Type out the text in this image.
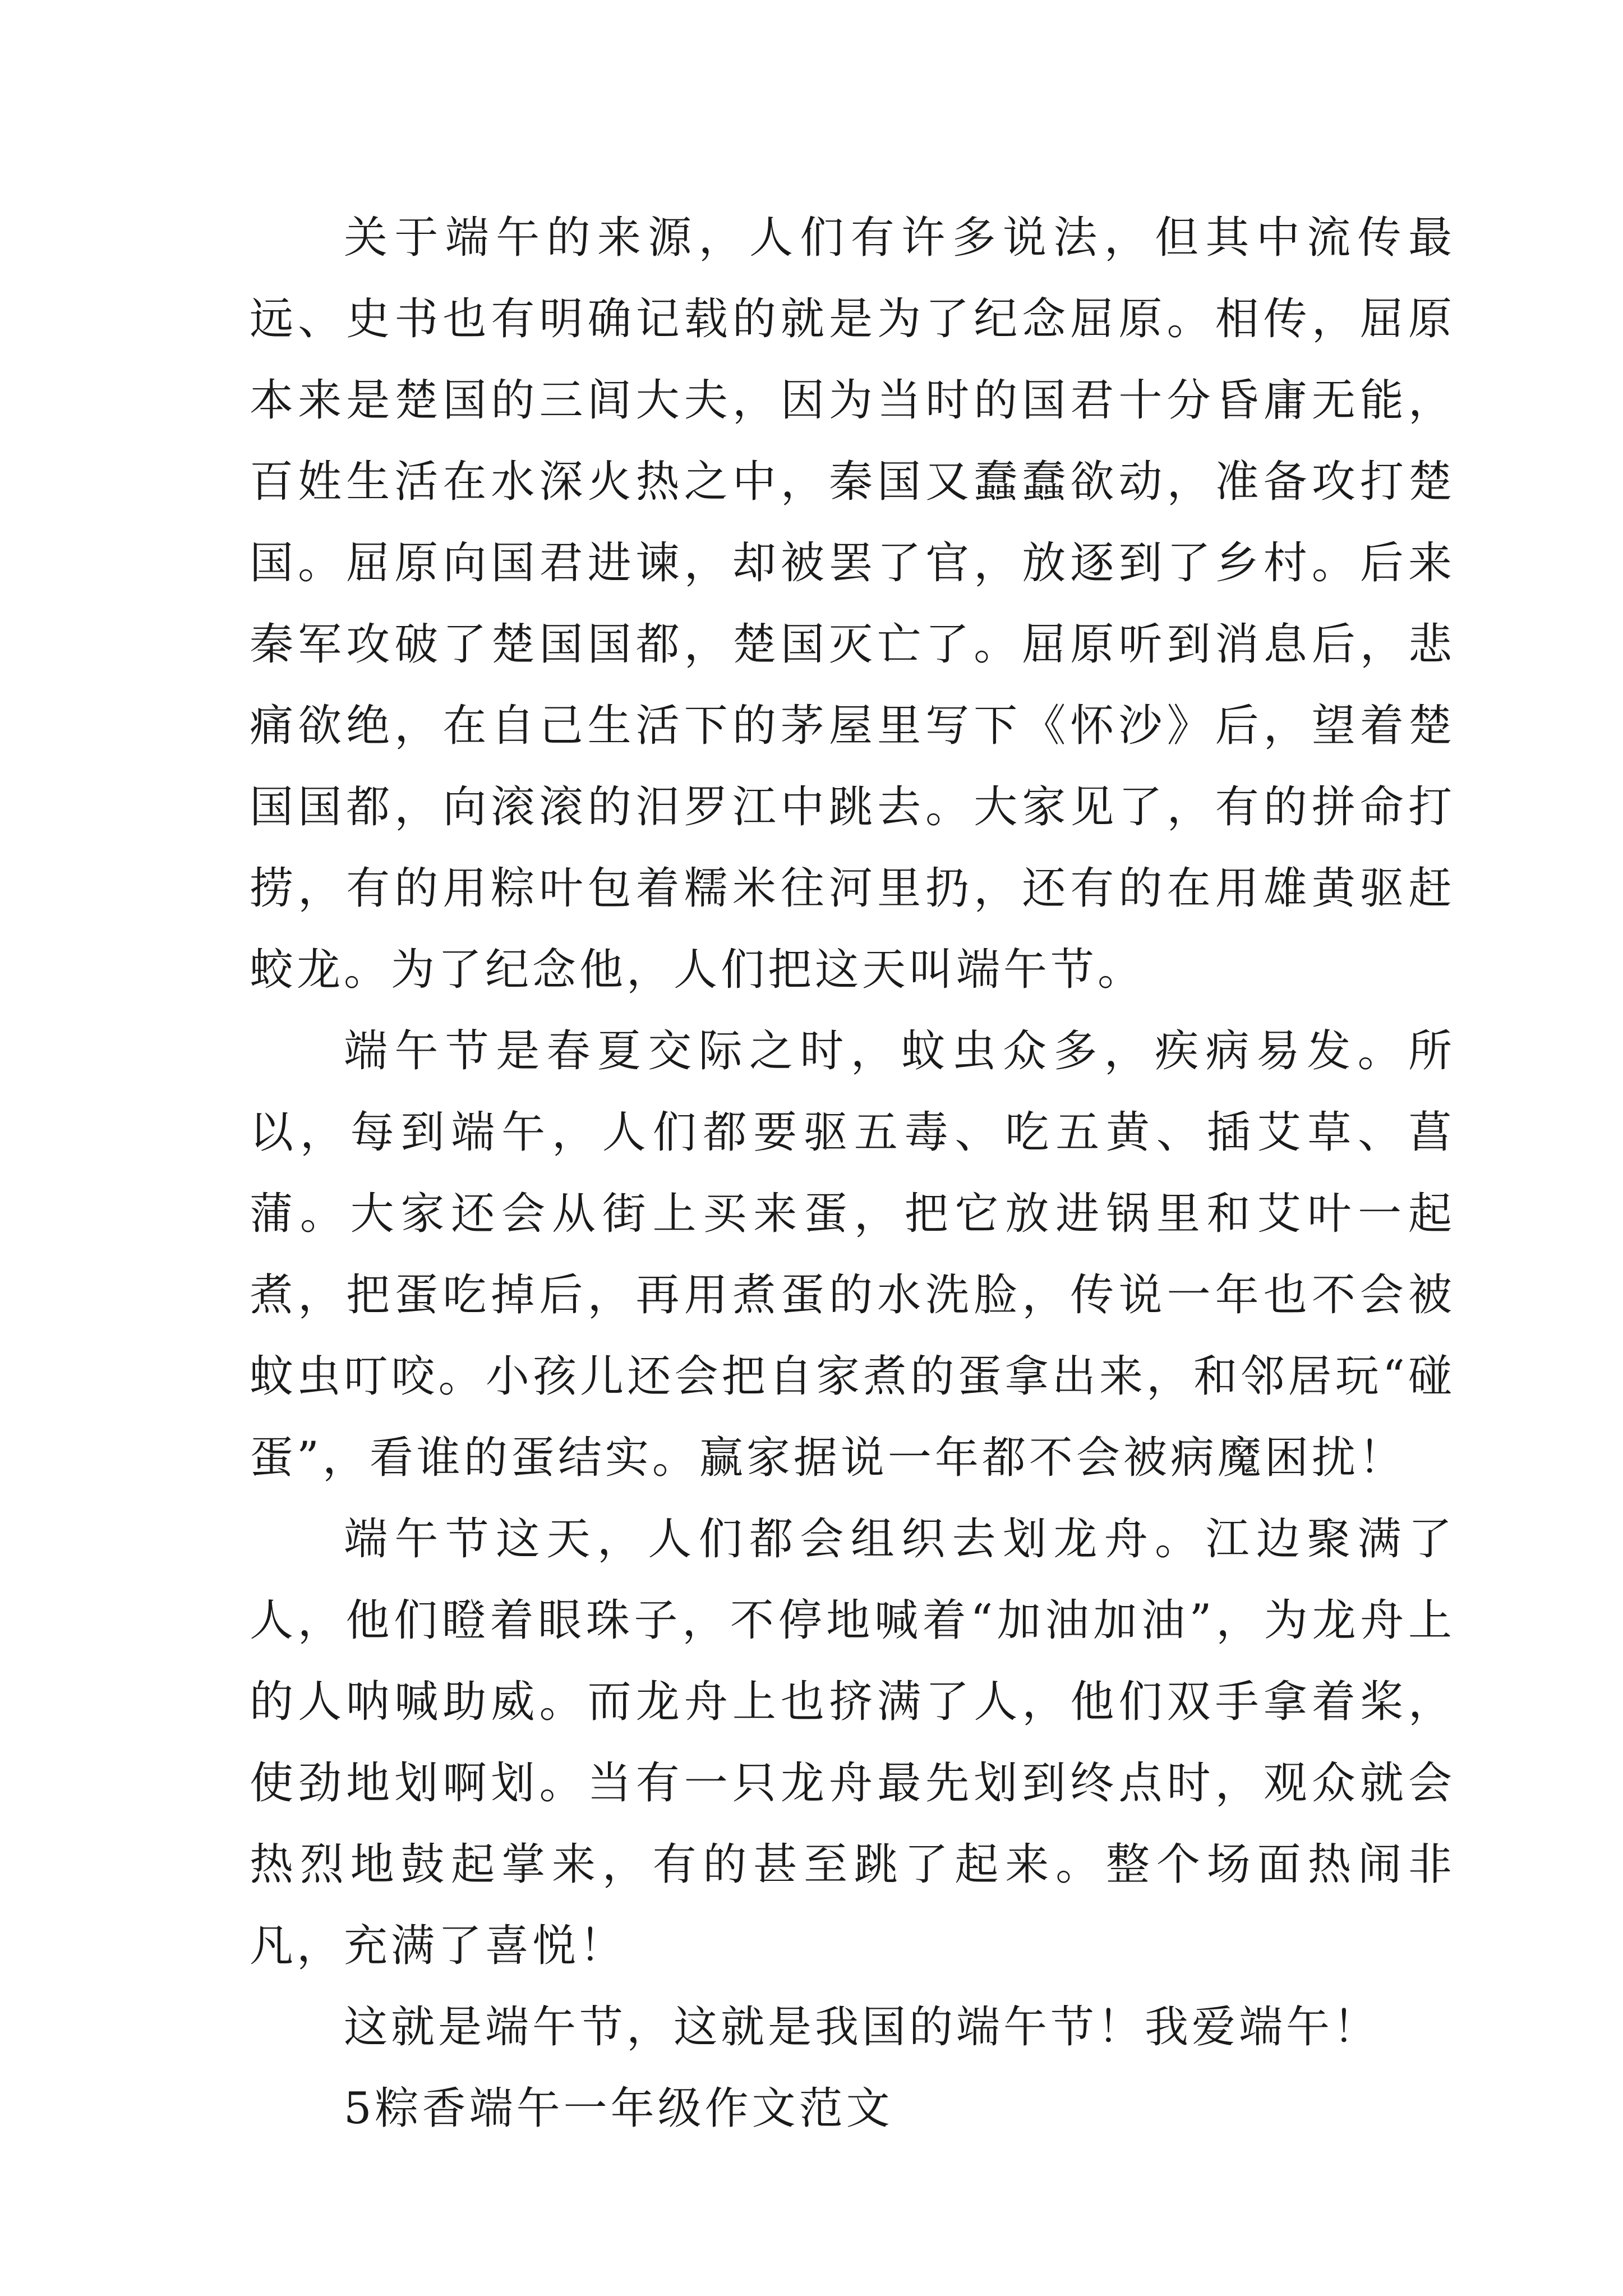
关于端午的来源，人们有许多说法，但其中流传最远、史书也有明确记载的就是为了纪念屈原。相传，屈原本来是楚国的三闾大夫，因为当时的国君十分昏庸无能，百姓生活在水深火热之中，秦国又蠢蠢欲动，准备攻打楚国。屈原向国君进谏，却被罢了官，放逐到了乡村。后来秦军攻破了楚国国都，楚国灭亡了。屈原听到消息后，悲痛欲绝，在自己生活下的茅屋里写下《怀沙》后，望着楚国国都，向滚滚的汨罗江中跳去。大家见了，有的拼命打捞，有的用粽叶包着糯米往河里扔，还有的在用雄黄驱赶蛟龙。为了纪念他，人们把这天叫端午节。

端午节是春夏交际之时，蚊虫众多，疾病易发。所以，每到端午，人们都要驱五毒、吃五黄、插艾草、菖蒲。大家还会从街上买来蛋，把它放进锅里和艾叶一起煮，把蛋吃掉后，再用煮蛋的水洗脸，传说一年也不会被蚊虫叮咬。小孩儿还会把自家煮的蛋拿出来，和邻居玩“碰蛋”，看谁的蛋结实。赢家据说一年都不会被病魔困扰！

端午节这天，人们都会组织去划龙舟。江边聚满了人，他们瞪着眼珠子，不停地喊着“加油加油”，为龙舟上的人呐喊助威。而龙舟上也挤满了人，他们双手拿着桨，使劲地划啊划。当有一只龙舟最先划到终点时，观众就会热烈地鼓起掌来，有的甚至跳了起来。整个场面热闹非凡，充满了喜悦！

这就是端午节，这就是我国的端午节！我爱端午！

5粽香端午一年级作文范文
